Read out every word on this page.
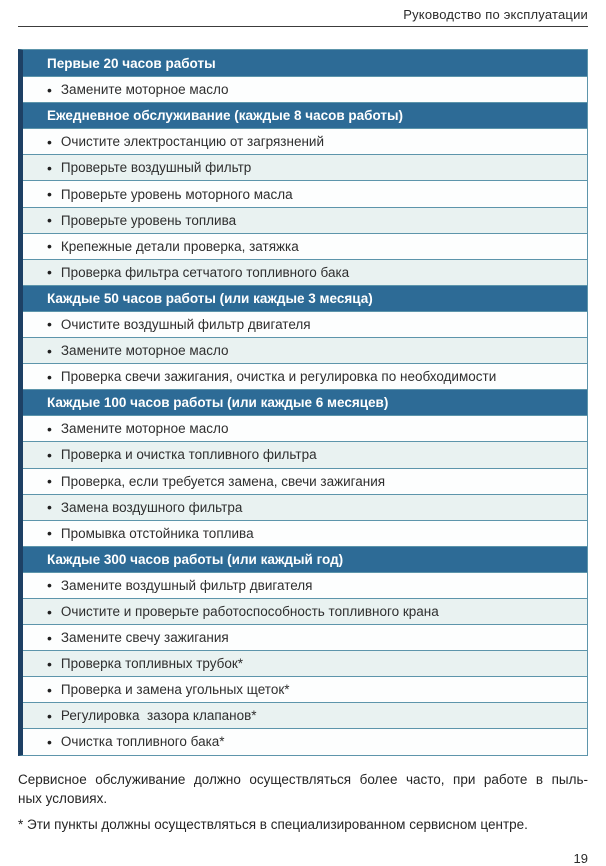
Руководство по эксплуатации
Первые 20 часов работы
• Замените моторное масло
Ежедневное обслуживание (каждые 8 часов работы)
• Очистите электростанцию от загрязнений
• Проверьте воздушный фильтр
• Проверьте уровень моторного масла
• Проверьте уровень топлива
• Крепежные детали проверка, затяжка
• Проверка фильтра сетчатого топливного бака
Каждые 50 часов работы (или каждые 3 месяца)
• Очистите воздушный фильтр двигателя
• Замените моторное масло
• Проверка свечи зажигания, очистка и регулировка по необходимости
Каждые 100 часов работы (или каждые 6 месяцев)
• Замените моторное масло
• Проверка и очистка топливного фильтра
• Проверка, если требуется замена, свечи зажигания
• Замена воздушного фильтра
• Промывка отстойника топлива
Каждые 300 часов работы (или каждый год)
• Замените воздушный фильтр двигателя
• Очистите и проверьте работоспособность топливного крана
• Замените свечу зажигания
• Проверка топливных трубок*
• Проверка и замена угольных щеток*
• Регулировка  зазора клапанов*
• Очистка топливного бака*
Сервисное обслуживание должно осуществляться более часто, при работе в пыль-
ных условиях.
* Эти пункты должны осуществляться в специализированном сервисном центре.
19
